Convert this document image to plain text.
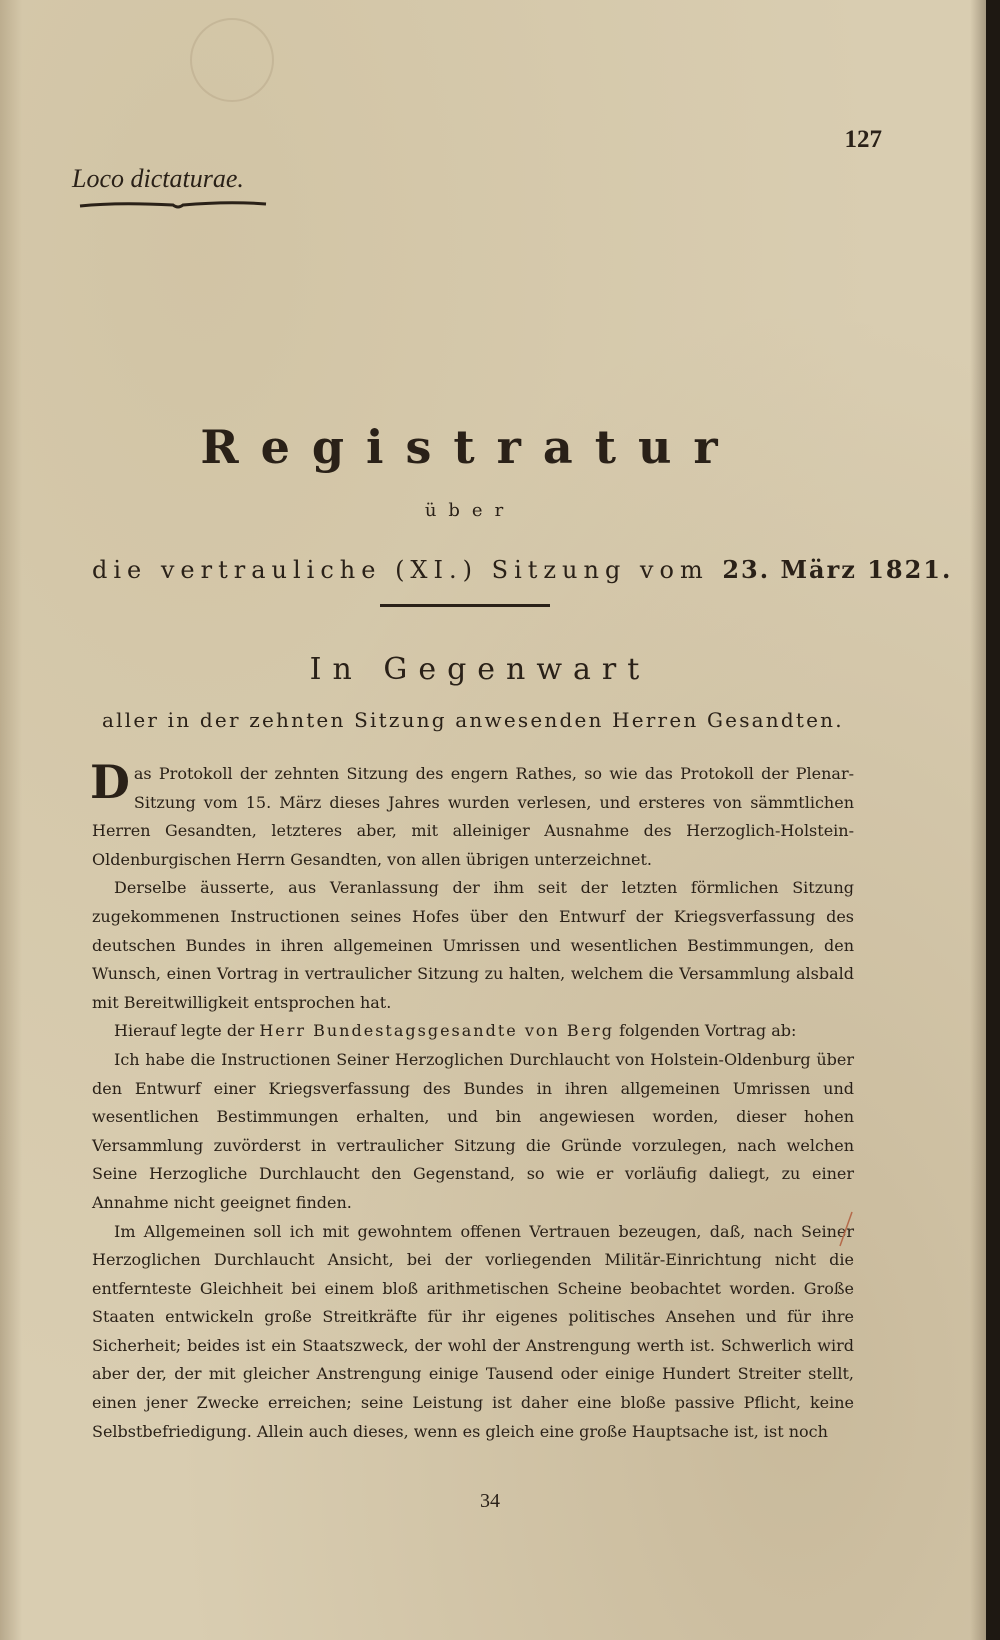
127
Loco dictaturae.
Registratur
über
die vertrauliche (XI.) Sitzung vom 23. März 1821.
In Gegenwart
aller in der zehnten Sitzung anwesenden Herren Gesandten.

Das Protokoll der zehnten Sitzung des engern Rathes, so wie das Protokoll der Plenar-Sitzung vom 15. März dieses Jahres wurden verlesen, und ersteres von sämmtlichen Herren Gesandten, letzteres aber, mit alleiniger Ausnahme des Herzoglich-Holstein-Oldenburgischen Herrn Gesandten, von allen übrigen unterzeichnet.

Derselbe äusserte, aus Veranlassung der ihm seit der letzten förmlichen Sitzung zugekommenen Instructionen seines Hofes über den Entwurf der Kriegsverfassung des deutschen Bundes in ihren allgemeinen Umrissen und wesentlichen Bestimmungen, den Wunsch, einen Vortrag in vertraulicher Sitzung zu halten, welchem die Versammlung alsbald mit Bereitwilligkeit entsprochen hat.

Hierauf legte der Herr Bundestagsgesandte von Berg folgenden Vortrag ab:

Ich habe die Instructionen Seiner Herzoglichen Durchlaucht von Holstein-Oldenburg über den Entwurf einer Kriegsverfassung des Bundes in ihren allgemeinen Umrissen und wesentlichen Bestimmungen erhalten, und bin angewiesen worden, dieser hohen Versammlung zuvörderst in vertraulicher Sitzung die Gründe vorzulegen, nach welchen Seine Herzogliche Durchlaucht den Gegenstand, so wie er vorläufig daliegt, zu einer Annahme nicht geeignet finden.

Im Allgemeinen soll ich mit gewohntem offenen Vertrauen bezeugen, daß, nach Seiner Herzoglichen Durchlaucht Ansicht, bei der vorliegenden Militär-Einrichtung nicht die entfernteste Gleichheit bei einem bloß arithmetischen Scheine beobachtet worden. Große Staaten entwickeln große Streitkräfte für ihr eigenes politisches Ansehen und für ihre Sicherheit; beides ist ein Staatszweck, der wohl der Anstrengung werth ist. Schwerlich wird aber der, der mit gleicher Anstrengung einige Tausend oder einige Hundert Streiter stellt, einen jener Zwecke erreichen; seine Leistung ist daher eine bloße passive Pflicht, keine Selbstbefriedigung. Allein auch dieses, wenn es gleich eine große Hauptsache ist, ist noch

34
